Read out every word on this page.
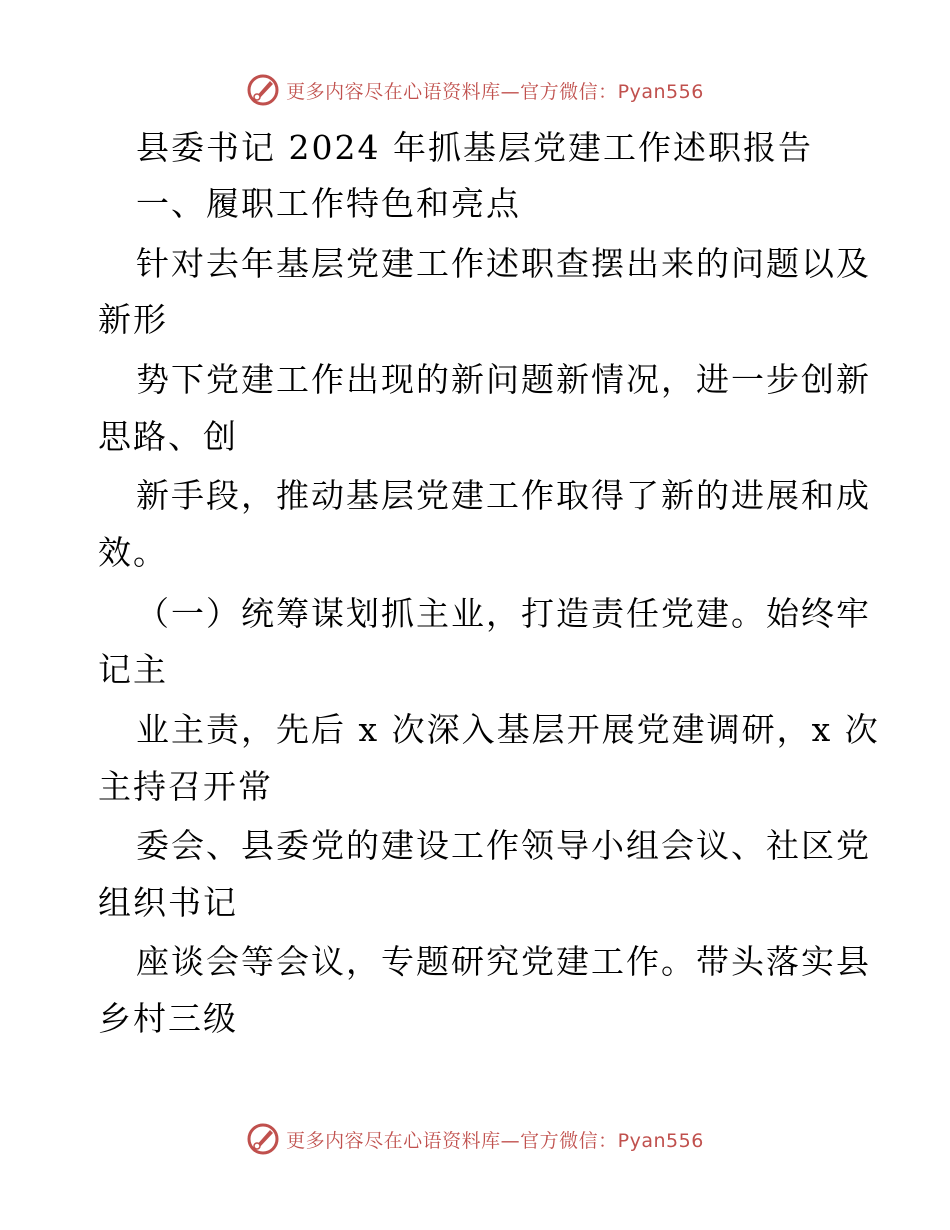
更多内容尽在心语资料库—官方微信：Pyan556
县委书记 2024 年抓基层党建工作述职报告
一、履职工作特色和亮点
针对去年基层党建工作述职查摆出来的问题以及
新形
势下党建工作出现的新问题新情况，进一步创新
思路、创
新手段，推动基层党建工作取得了新的进展和成
效。
（一）统筹谋划抓主业，打造责任党建。始终牢
记主
业主责，先后 x 次深入基层开展党建调研，x 次
主持召开常
委会、县委党的建设工作领导小组会议、社区党
组织书记
座谈会等会议，专题研究党建工作。带头落实县
乡村三级
更多内容尽在心语资料库—官方微信：Pyan556
